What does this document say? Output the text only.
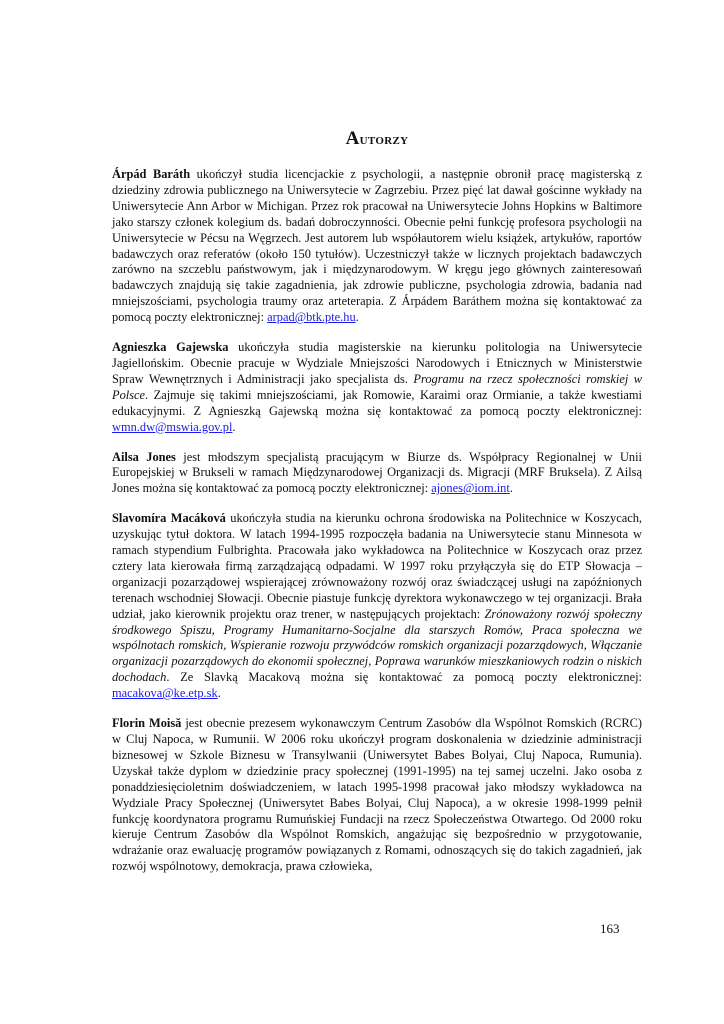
Autorzy

Árpád Baráth ukończył studia licencjackie z psychologii, a następnie obronił pracę magisterską z dziedziny zdrowia publicznego na Uniwersytecie w Zagrzebiu. Przez pięć lat dawał gościnne wykłady na Uniwersytecie Ann Arbor w Michigan. Przez rok pracował na Uniwersytecie Johns Hopkins w Baltimore jako starszy członek kolegium ds. badań dobroczynności. Obecnie pełni funkcję profesora psychologii na Uniwersytecie w Pécsu na Węgrzech. Jest autorem lub współautorem wielu książek, artykułów, raportów badawczych oraz referatów (około 150 tytułów). Uczestniczył także w licznych projektach badawczych zarówno na szczeblu państwowym, jak i międzynarodowym. W kręgu jego głównych zainteresowań badawczych znajdują się takie zagadnienia, jak zdrowie publiczne, psychologia zdrowia, badania nad mniejszościami, psychologia traumy oraz arteterapia. Z Árpádem Baráthem można się kontaktować za pomocą poczty elektronicznej: arpad@btk.pte.hu.

Agnieszka Gajewska ukończyła studia magisterskie na kierunku politologia na Uniwersytecie Jagiellońskim. Obecnie pracuje w Wydziale Mniejszości Narodowych i Etnicznych w Ministerstwie Spraw Wewnętrznych i Administracji jako specjalista ds. Programu na rzecz społeczności romskiej w Polsce. Zajmuje się takimi mniejszościami, jak Romowie, Karaimi oraz Ormianie, a także kwestiami edukacyjnymi. Z Agnieszką Gajewską można się kontaktować za pomocą poczty elektronicznej: wmn.dw@mswia.gov.pl.

Ailsa Jones jest młodszym specjalistą pracującym w Biurze ds. Współpracy Regionalnej w Unii Europejskiej w Brukseli w ramach Międzynarodowej Organizacji ds. Migracji (MRF Bruksela). Z Ailsą Jones można się kontaktować za pomocą poczty elektronicznej: ajones@iom.int.

Slavomíra Macáková ukończyła studia na kierunku ochrona środowiska na Politechnice w Koszycach, uzyskując tytuł doktora. W latach 1994-1995 rozpoczęła badania na Uniwersytecie stanu Minnesota w ramach stypendium Fulbrighta. Pracowała jako wykładowca na Politechnice w Koszycach oraz przez cztery lata kierowała firmą zarządzającą odpadami. W 1997 roku przyłączyła się do ETP Słowacja – organizacji pozarządowej wspierającej zrównoważony rozwój oraz świadczącej usługi na zapóźnionych terenach wschodniej Słowacji. Obecnie piastuje funkcję dyrektora wykonawczego w tej organizacji. Brała udział, jako kierownik projektu oraz trener, w następujących projektach: Zrónoważony rozwój społeczny środkowego Spiszu, Programy Humanitarno-Socjalne dla starszych Romów, Praca społeczna we wspólnotach romskich, Wspieranie rozwoju przywódców romskich organizacji pozarządowych, Włączanie organizacji pozarządowych do ekonomii społecznej, Poprawa warunków mieszkaniowych rodzin o niskich dochodach. Ze Slavką Macakovą można się kontaktować za pomocą poczty elektronicznej: macakova@ke.etp.sk.

Florin Moisă jest obecnie prezesem wykonawczym Centrum Zasobów dla Wspólnot Romskich (RCRC) w Cluj Napoca, w Rumunii. W 2006 roku ukończył program doskonalenia w dziedzinie administracji biznesowej w Szkole Biznesu w Transylwanii (Uniwersytet Babes Bolyai, Cluj Napoca, Rumunia). Uzyskał także dyplom w dziedzinie pracy społecznej (1991-1995) na tej samej uczelni. Jako osoba z ponaddziesięcioletnim doświadczeniem, w latach 1995-1998 pracował jako młodszy wykładowca na Wydziale Pracy Społecznej (Uniwersytet Babes Bolyai, Cluj Napoca), a w okresie 1998-1999 pełnił funkcję koordynatora programu Rumuńskiej Fundacji na rzecz Społeczeństwa Otwartego. Od 2000 roku kieruje Centrum Zasobów dla Wspólnot Romskich, angażując się bezpośrednio w przygotowanie, wdrażanie oraz ewaluację programów powiązanych z Romami, odnoszących się do takich zagadnień, jak rozwój wspólnotowy, demokracja, prawa człowieka,

163
